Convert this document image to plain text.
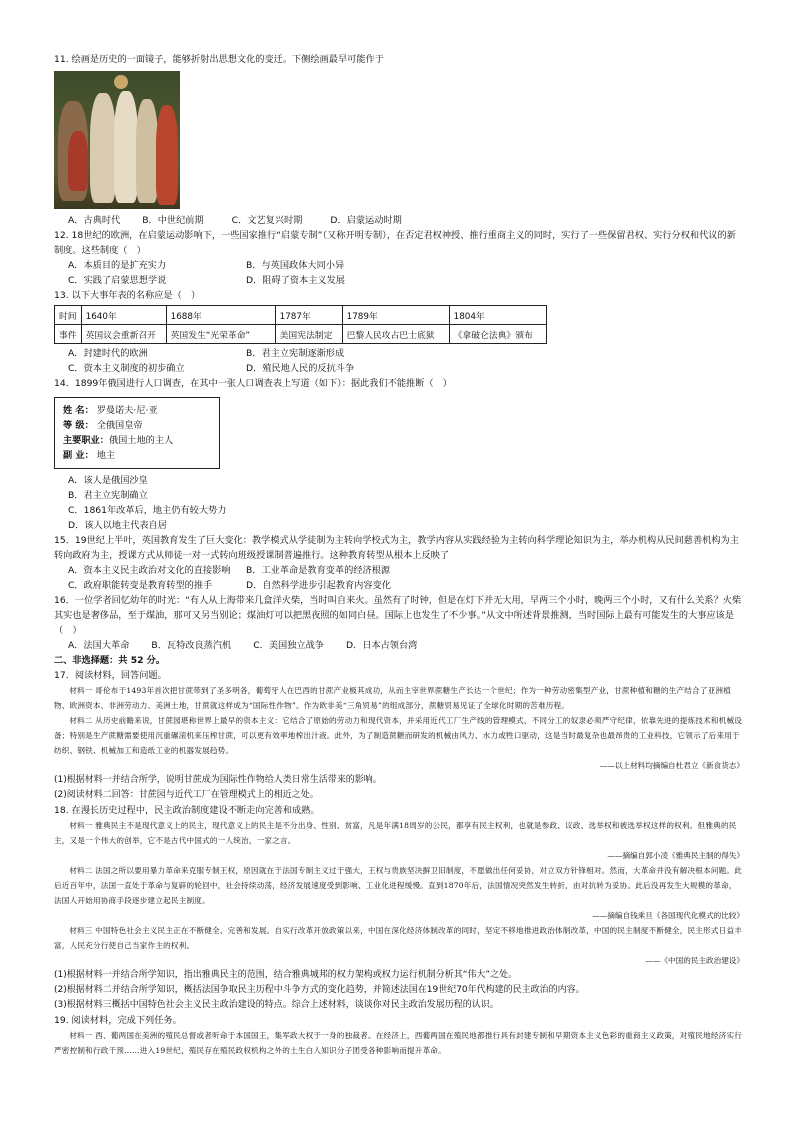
11. 绘画是历史的一面镜子，能够折射出思想文化的变迁。下侧绘画最早可能作于

A．古典时代 B．中世纪前期	C．文艺复兴时期	D．启蒙运动时期

12. 18世纪的欧洲，在启蒙运动影响下，一些国家推行“启蒙专制”（又称开明专制），在否定君权神授、推行重商主义的同时，实行了一些保留君权、实行分权和代议的新制度。这些制度（　）

A．本质目的是扩充实力	B．与英国政体大同小异
C．实践了启蒙思想学说	D．阻碍了资本主义发展

13. 以下大事年表的名称应是（　）

时间	1640年	1688年	1787年	1789年	1804年
事件	英国议会重新召开	英国发生“光荣革命”	美国宪法制定	巴黎人民攻占巴士底狱	《拿破仑法典》颁布
A．封建时代的欧洲	B．君主立宪制逐渐形成
C．资本主义制度的初步确立	D．殖民地人民的反抗斗争

14．1899年俄国进行人口调查，在其中一张人口调查表上写道（如下）：据此我们不能推断（　）

姓 名： 罗曼诺夫·尼·亚
等 级： 全俄国皇帝
主要职业：俄国土地的主人
副 业： 地主
A．该人是俄国沙皇
B．君主立宪制确立
C．1861年改革后，地主仍有较大势力
D．该人以地主代表自居

15．19世纪上半叶，英国教育发生了巨大变化：教学模式从学徒制为主转向学校式为主，教学内容从实践经验为主转向科学理论知识为主，举办机构从民间慈善机构为主转向政府为主，授课方式从师徒一对一式转向班级授课制普遍推行。这种教育转型从根本上反映了

A．资本主义民主政治对文化的直接影响	B．工业革命是教育变革的经济根源
C．政府职能转变是教育转型的推手	D．自然科学进步引起教育内容变化

16．一位学者回忆幼年的时光：“有人从上海带来几盒洋火柴，当时叫自来火。虽然有了时钟，但是在灯下并无大用，早两三个小时，晚两三个小时，又有什么关系？火柴其实也是奢侈品，至于煤油，那可又另当别论；煤油灯可以把黑夜照的如同白昼。国际上也发生了不少事。”从文中所述背景推测，当时国际上最有可能发生的大事应该是（　）

A．法国大革命 B．瓦特改良蒸汽机 C．美国独立战争 D．日本占领台湾

二、非选择题：共 52 分。

17．阅读材料，回答问题。

材料一 哥伦布于1493年首次把甘蔗带到了圣多明各，葡萄牙人在巴西的甘蔗产业极其成功，从而主宰世界蔗糖生产长达一个世纪；作为一种劳动密集型产业，甘蔗种植和糖的生产结合了亚洲植物、欧洲资本、非洲劳动力、美洲土地，甘蔗就这样成为“国际性作物”。作为欧非美“三角贸易”的组成部分，蔗糖贸易见证了全球化时期的苦难历程。

材料二 从历史前瞻来说，甘蔗园堪称世界上最早的资本主义：它结合了原始的劳动力和现代资本，并采用近代工厂生产线的管理模式，不同分工的奴隶必须严守纪律，依靠先进的提炼技术和机械设备；特别是生产蔗糖需要使用沉重碾滚机来压榨甘蔗，可以更有效率地榨出汁液。此外，为了制造蔗糖而研发的机械由风力、水力或牲口驱动，这是当时最复杂也最昂贵的工业科技，它领示了后来用于纺织、钢铁、机械加工和造纸工业的机器发展趋势。

——以上材料均摘编自杜君立《新食货志》

(1)根据材料一并结合所学，说明甘蔗成为国际性作物给人类日常生活带来的影响。

(2)阅读材料二回答：甘蔗园与近代工厂在管理模式上的相近之处。

18. 在漫长历史过程中，民主政治制度建设不断走向完善和成熟。

材料一 雅典民主不是现代意义上的民主，现代意义上的民主是不分出身、性别、贫富，凡是年满18周岁的公民，都享有民主权利，也就是参政、议政、选举权和被选举权这样的权利。但雅典的民主，又是一个伟大的创举，它不是古代中国式的一人统治，一家之言。

——摘编自郭小凌《雅典民主制的得失》

材料二 法国之所以要用暴力革命来克服专制王权，原因就在于法国专制主义过于强大，王权与贵族坚决摒卫旧制度，不愿做出任何妥协，对立双方针锋相对。然而，大革命并没有解决根本问题。此后近百年中，法国一直处于革命与复辟的轮回中，社会持续动荡，经济发展速度受到影响、工业化进程缓慢。直到1870年后，法国情况突然发生转折，由对抗转为妥协。此后没再发生大规模的革命，法国人开始用协商手段逐步建立起民主制度。

——摘编自钱乘旦《各国现代化模式的比较》

材料三 中国特色社会主义民主正在不断健全、完善和发展。自实行改革开放政策以来，中国在深化经济体制改革的同时，坚定不移地推进政治体制改革，中国的民主制度不断健全，民主形式日益丰富，人民充分行使自己当家作主的权利。

——《中国的民主政治建设》

(1)根据材料一并结合所学知识，指出雅典民主的范围，结合雅典城邦的权力架构或权力运行机制分析其“伟大”之处。

(2)根据材料二并结合所学知识，概括法国争取民主历程中斗争方式的变化趋势，并简述法国在19世纪70年代构建的民主政治的内容。

(3)根据材料三概括中国特色社会主义民主政治建设的特点。综合上述材料，谈谈你对民主政治发展历程的认识。

19. 阅读材料，完成下列任务。

材料一 西、葡两国在美洲的殖民总督或者听命于本国国王，集军政大权于一身的独裁者。在经济上，西葡两国在殖民地都推行具有封建专制和早期资本主义色彩的重商主义政策，对殖民地经济实行严密控制和行政干预……进入19世纪，殖民存在殖民政权机构之外的土生白人知识分子团受各种影响而提升革命。
